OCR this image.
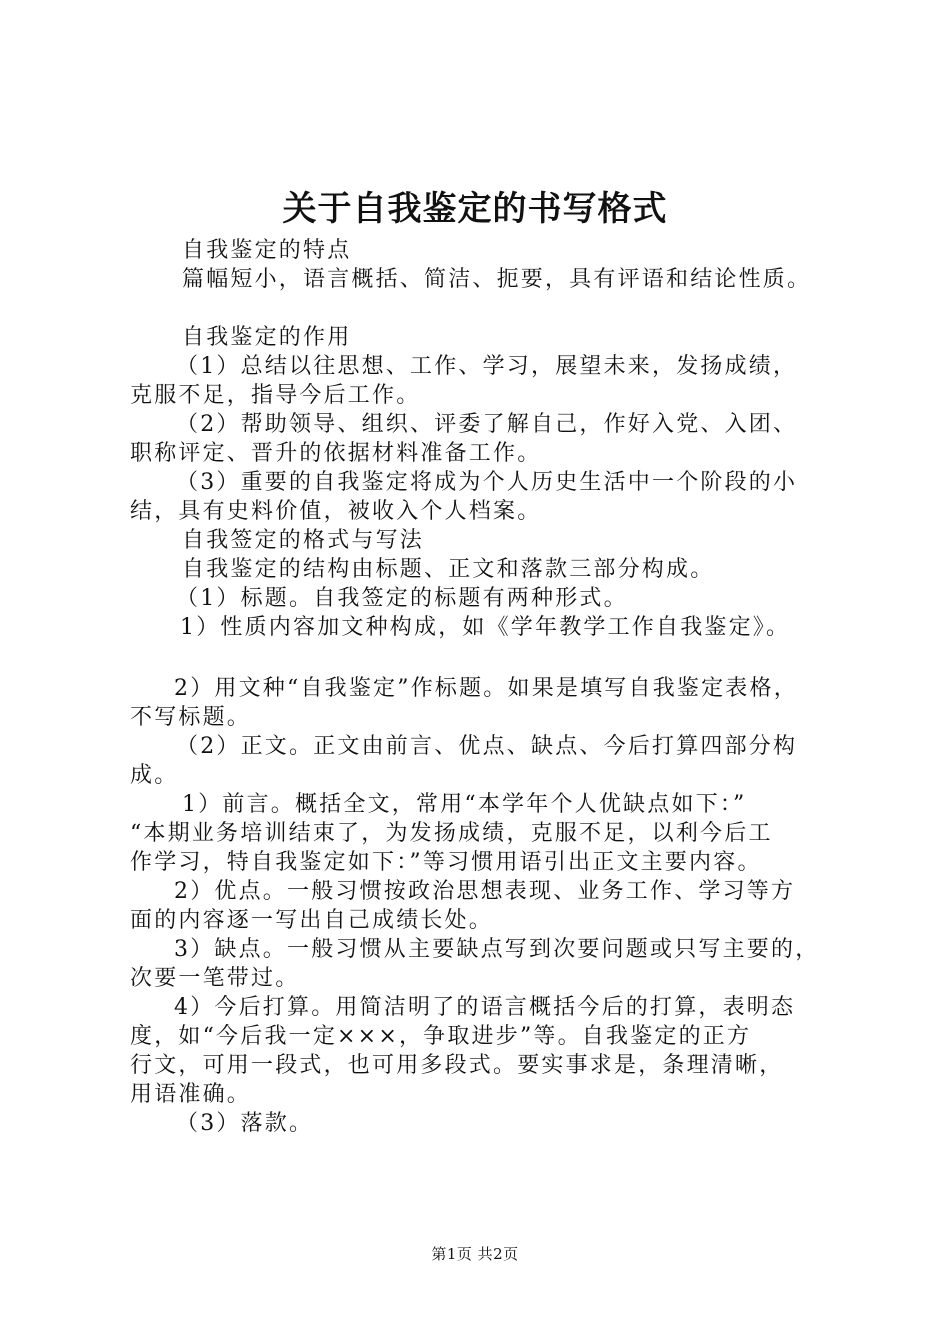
关于自我鉴定的书写格式

自我鉴定的特点

篇幅短小，语言概括、简洁、扼要，具有评语和结论性质。

自我鉴定的作用

（1）总结以往思想、工作、学习，展望未来，发扬成绩，

克服不足，指导今后工作。

（2）帮助领导、组织、评委了解自己，作好入党、入团、

职称评定、晋升的依据材料准备工作。

（3）重要的自我鉴定将成为个人历史生活中一个阶段的小

结，具有史料价值，被收入个人档案。

自我签定的格式与写法

自我鉴定的结构由标题、正文和落款三部分构成。

（1）标题。自我签定的标题有两种形式。

1）性质内容加文种构成，如《学年教学工作自我鉴定》。

2）用文种“自我鉴定”作标题。如果是填写自我鉴定表格，

不写标题。

（2）正文。正文由前言、优点、缺点、今后打算四部分构

成。

1）前言。概括全文，常用“本学年个人优缺点如下：”

“本期业务培训结束了，为发扬成绩，克服不足，以利今后工

作学习，特自我鉴定如下：”等习惯用语引出正文主要内容。

2）优点。一般习惯按政治思想表现、业务工作、学习等方

面的内容逐一写出自己成绩长处。

3）缺点。一般习惯从主要缺点写到次要问题或只写主要的，

次要一笔带过。

4）今后打算。用简洁明了的语言概括今后的打算，表明态

度，如“今后我一定×××，争取进步”等。自我鉴定的正方

行文，可用一段式，也可用多段式。要实事求是，条理清晰，

用语准确。

（3）落款。

第1页 共2页
